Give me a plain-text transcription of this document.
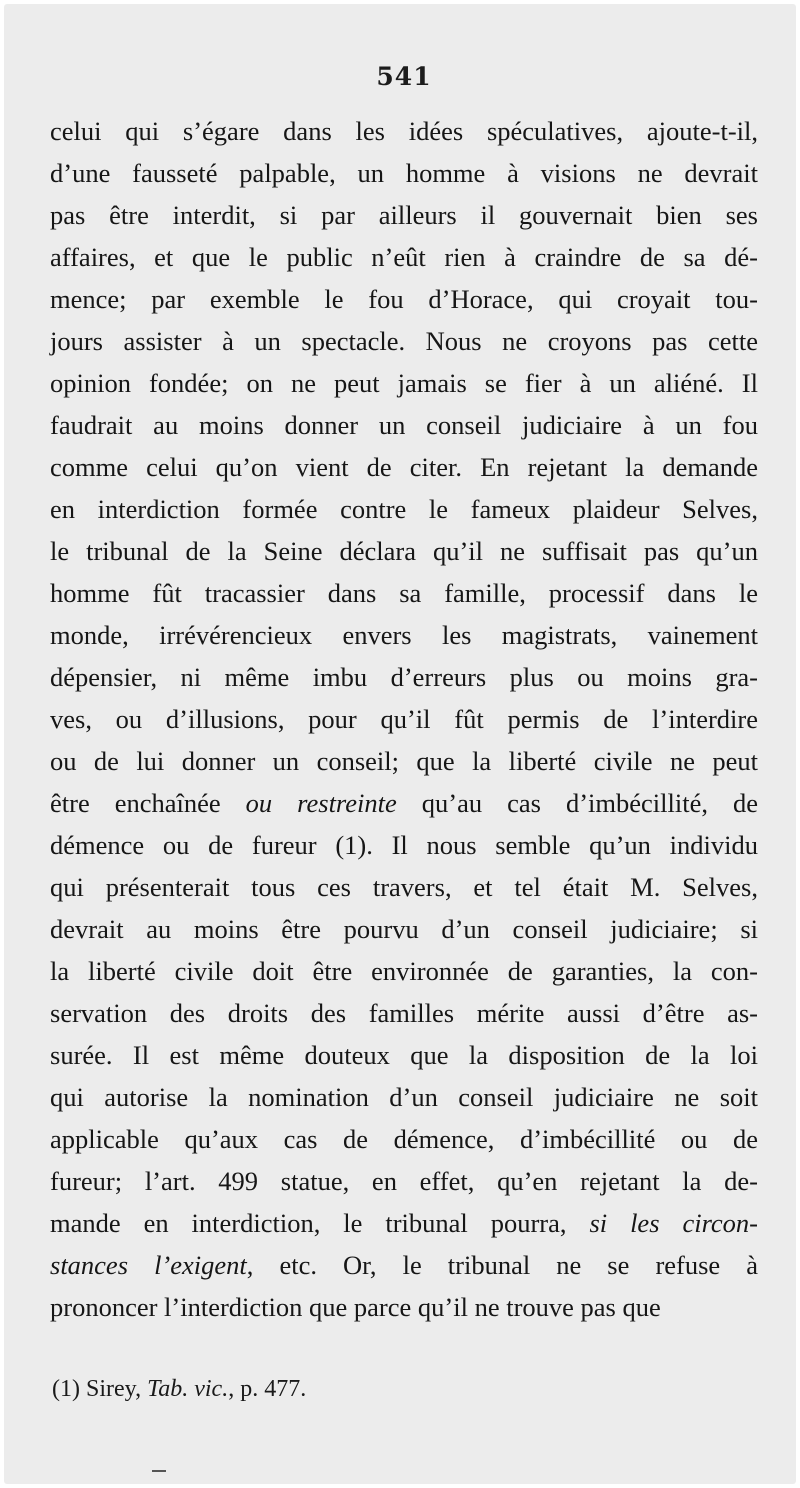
541
celui qui s’égare dans les idées spéculatives, ajoute-t-il,
d’une fausseté palpable, un homme à visions ne devrait
pas être interdit, si par ailleurs il gouvernait bien ses
affaires, et que le public n’eût rien à craindre de sa dé-
mence; par exemble le fou d’Horace, qui croyait tou-
jours assister à un spectacle. Nous ne croyons pas cette
opinion fondée; on ne peut jamais se fier à un aliéné. Il
faudrait au moins donner un conseil judiciaire à un fou
comme celui qu’on vient de citer. En rejetant la demande
en interdiction formée contre le fameux plaideur Selves,
le tribunal de la Seine déclara qu’il ne suffisait pas qu’un
homme fût tracassier dans sa famille, processif dans le
monde, irrévérencieux envers les magistrats, vainement
dépensier, ni même imbu d’erreurs plus ou moins gra-
ves, ou d’illusions, pour qu’il fût permis de l’interdire
ou de lui donner un conseil; que la liberté civile ne peut
être enchaînée ou restreinte qu’au cas d’imbécillité, de
démence ou de fureur (1). Il nous semble qu’un individu
qui présenterait tous ces travers, et tel était M. Selves,
devrait au moins être pourvu d’un conseil judiciaire; si
la liberté civile doit être environnée de garanties, la con-
servation des droits des familles mérite aussi d’être as-
surée. Il est même douteux que la disposition de la loi
qui autorise la nomination d’un conseil judiciaire ne soit
applicable qu’aux cas de démence, d’imbécillité ou de
fureur; l’art. 499 statue, en effet, qu’en rejetant la de-
mande en interdiction, le tribunal pourra, si les circon-
stances l’exigent, etc. Or, le tribunal ne se refuse à
prononcer l’interdiction que parce qu’il ne trouve pas que
(1) Sirey, Tab. vic., p. 477.
